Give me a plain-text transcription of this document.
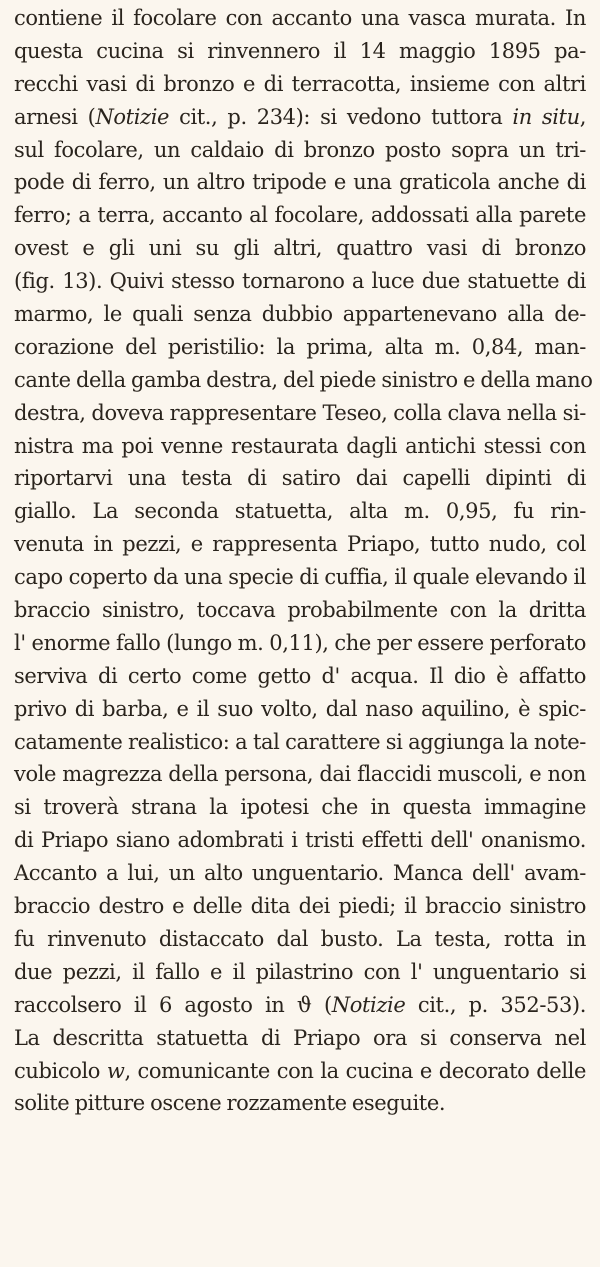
contiene il focolare con accanto una vasca murata. In
questa cucina si rinvennero il 14 maggio 1895 pa-
recchi vasi di bronzo e di terracotta, insieme con altri
arnesi (Notizie cit., p. 234): si vedono tuttora in situ,
sul focolare, un caldaio di bronzo posto sopra un tri-
pode di ferro, un altro tripode e una graticola anche di
ferro; a terra, accanto al focolare, addossati alla parete
ovest e gli uni su gli altri, quattro vasi di bronzo
(fig. 13). Quivi stesso tornarono a luce due statuette di
marmo, le quali senza dubbio appartenevano alla de-
corazione del peristilio: la prima, alta m. 0,84, man-
cante della gamba destra, del piede sinistro e della mano
destra, doveva rappresentare Teseo, colla clava nella si-
nistra ma poi venne restaurata dagli antichi stessi con
riportarvi una testa di satiro dai capelli dipinti di
giallo. La seconda statuetta, alta m. 0,95, fu rin-
venuta in pezzi, e rappresenta Priapo, tutto nudo, col
capo coperto da una specie di cuffia, il quale elevando il
braccio sinistro, toccava probabilmente con la dritta
l' enorme fallo (lungo m. 0,11), che per essere perforato
serviva di certo come getto d' acqua. Il dio è affatto
privo di barba, e il suo volto, dal naso aquilino, è spic-
catamente realistico: a tal carattere si aggiunga la note-
vole magrezza della persona, dai flaccidi muscoli, e non
si troverà strana la ipotesi che in questa immagine
di Priapo siano adombrati i tristi effetti dell' onanismo.
Accanto a lui, un alto unguentario. Manca dell' avam-
braccio destro e delle dita dei piedi; il braccio sinistro
fu rinvenuto distaccato dal busto. La testa, rotta in
due pezzi, il fallo e il pilastrino con l' unguentario si
raccolsero il 6 agosto in ϑ (Notizie cit., p. 352-53).
La descritta statuetta di Priapo ora si conserva nel
cubicolo w, comunicante con la cucina e decorato delle
solite pitture oscene rozzamente eseguite.
